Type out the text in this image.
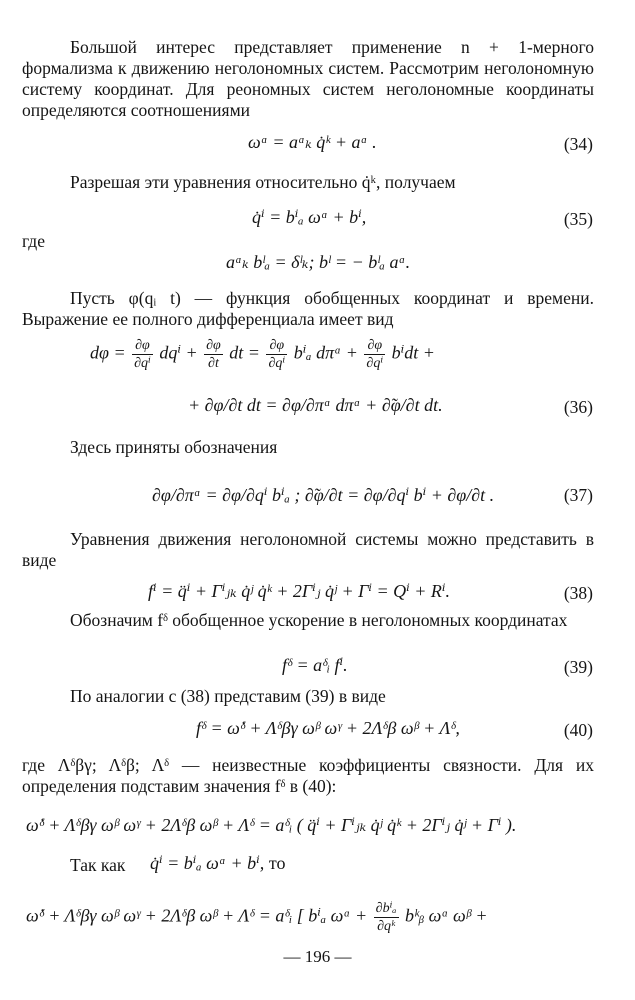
Большой интерес представляет применение n + 1-мерного формализма к движению неголономных систем. Рассмотрим неголономную систему координат. Для реономных систем неголономные координаты определяются соотношениями

ωᵅ = aᵅₖ q̇ᵏ + aᵅ .	(34)

Разрешая эти уравнения относительно q̇ᵏ, получаем

q̇ⁱ = bⁱₐ ωᵅ + bⁱ,	(35)
где
aᵅₖ bˡₐ = δˡₖ; bˡ = − bˡₐ aᵅ.

Пусть φ(qᵢ t) — функция обобщенных координат и времени. Выражение ее полного дифференциала имеет вид

$d\varphi = \frac{\partial\varphi}{\text{∂qⁱ}}$ $dq^i + \frac{\partial\varphi}{\partial t}$ dt = $\frac{\partial\varphi}{\text{∂qⁱ}}$ bⁱₐ dπᵅ + $\frac{\partial\varphi}{\text{∂qⁱ}}$ bⁱdt +
+ ∂φ/∂t dt = ∂φ/∂πᵅ dπᵅ + ∂̃φ/∂t dt.	(36)

Здесь приняты обозначения

∂φ/∂πᵅ = ∂φ/∂qⁱ bⁱₐ ; ∂̃φ/∂t = ∂φ/∂qⁱ bⁱ + ∂φ/∂t .	(37)

Уравнения движения неголономной системы можно представить в виде

fⁱ = q̈ⁱ + Γⁱⱼₖ q̇ʲ q̇ᵏ + 2Γⁱⱼ q̇ʲ + Γⁱ = Qⁱ + Rⁱ.	(38)

Обозначим fᵟ обобщенное ускорение в неголономных координатах

fᵟ = aᵟᵢ fⁱ.	(39)

По аналогии с (38) представим (39) в виде

fᵟ = ω̇ᵟ + Λᵟβγ ωᵝ ωᵞ + 2Λᵟβ ωᵝ + Λᵟ,	(40)

где Λᵟβγ; Λᵟβ; Λᵟ — неизвестные коэффициенты связности. Для их определения подставим значения fᵟ в (40):

ω̇ᵟ + Λᵟβγ ωᵝ ωᵞ + 2Λᵟβ ωᵝ + Λᵟ = aᵟᵢ ( q̈ⁱ + Γⁱⱼₖ q̇ʲ q̇ᵏ + 2Γⁱⱼ q̇ʲ + Γⁱ ).
Так как q̇ⁱ = bⁱₐ ωᵅ + bⁱ, то
ω̇ᵟ + Λᵟβγ ωᵝ ωᵞ + 2Λᵟβ ωᵝ + Λᵟ = aᵟᵢ [ bⁱₐ ωᵅ + $\frac{\text{∂bⁱₐ}}{\text{∂qᵏ}}$ bᵏᵦ ωᵅ ωᵝ +
— 196 —
